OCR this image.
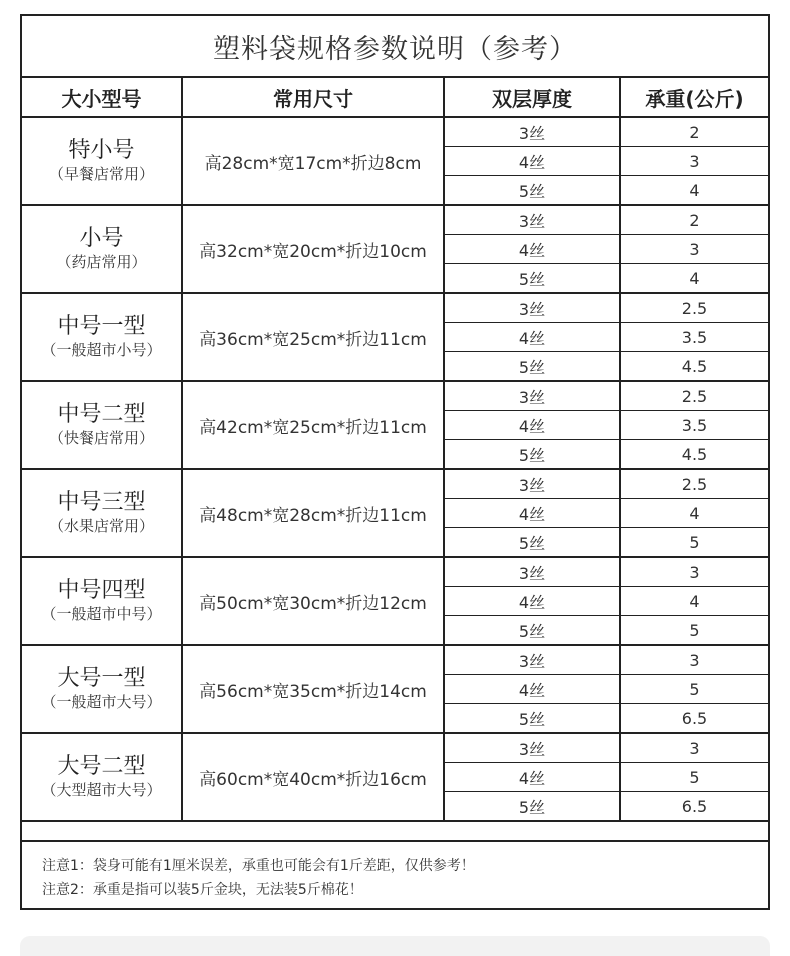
塑料袋规格参数说明（参考）
大小型号	常用尺寸	双层厚度	承重(公斤)

特小号
（早餐店常用）	高28cm*宽17cm*折边8cm	3丝	2
		4丝	3
		5丝	4

小号
（药店常用）	高32cm*宽20cm*折边10cm	3丝	2
		4丝	3
		5丝	4

中号一型
（一般超市小号）	高36cm*宽25cm*折边11cm	3丝	2.5
		4丝	3.5
		5丝	4.5

中号二型
（快餐店常用）	高42cm*宽25cm*折边11cm	3丝	2.5
		4丝	3.5
		5丝	4.5

中号三型
（水果店常用）	高48cm*宽28cm*折边11cm	3丝	2.5
		4丝	4
		5丝	5

中号四型
（一般超市中号）	高50cm*宽30cm*折边12cm	3丝	3
		4丝	4
		5丝	5

大号一型
（一般超市大号）	高56cm*宽35cm*折边14cm	3丝	3
		4丝	5
		5丝	6.5

大号二型
（大型超市大号）	高60cm*宽40cm*折边16cm	3丝	3
		4丝	5
		5丝	6.5
注意1：袋身可能有1厘米误差，承重也可能会有1斤差距，仅供参考！
注意2：承重是指可以装5斤金块，无法装5斤棉花！
